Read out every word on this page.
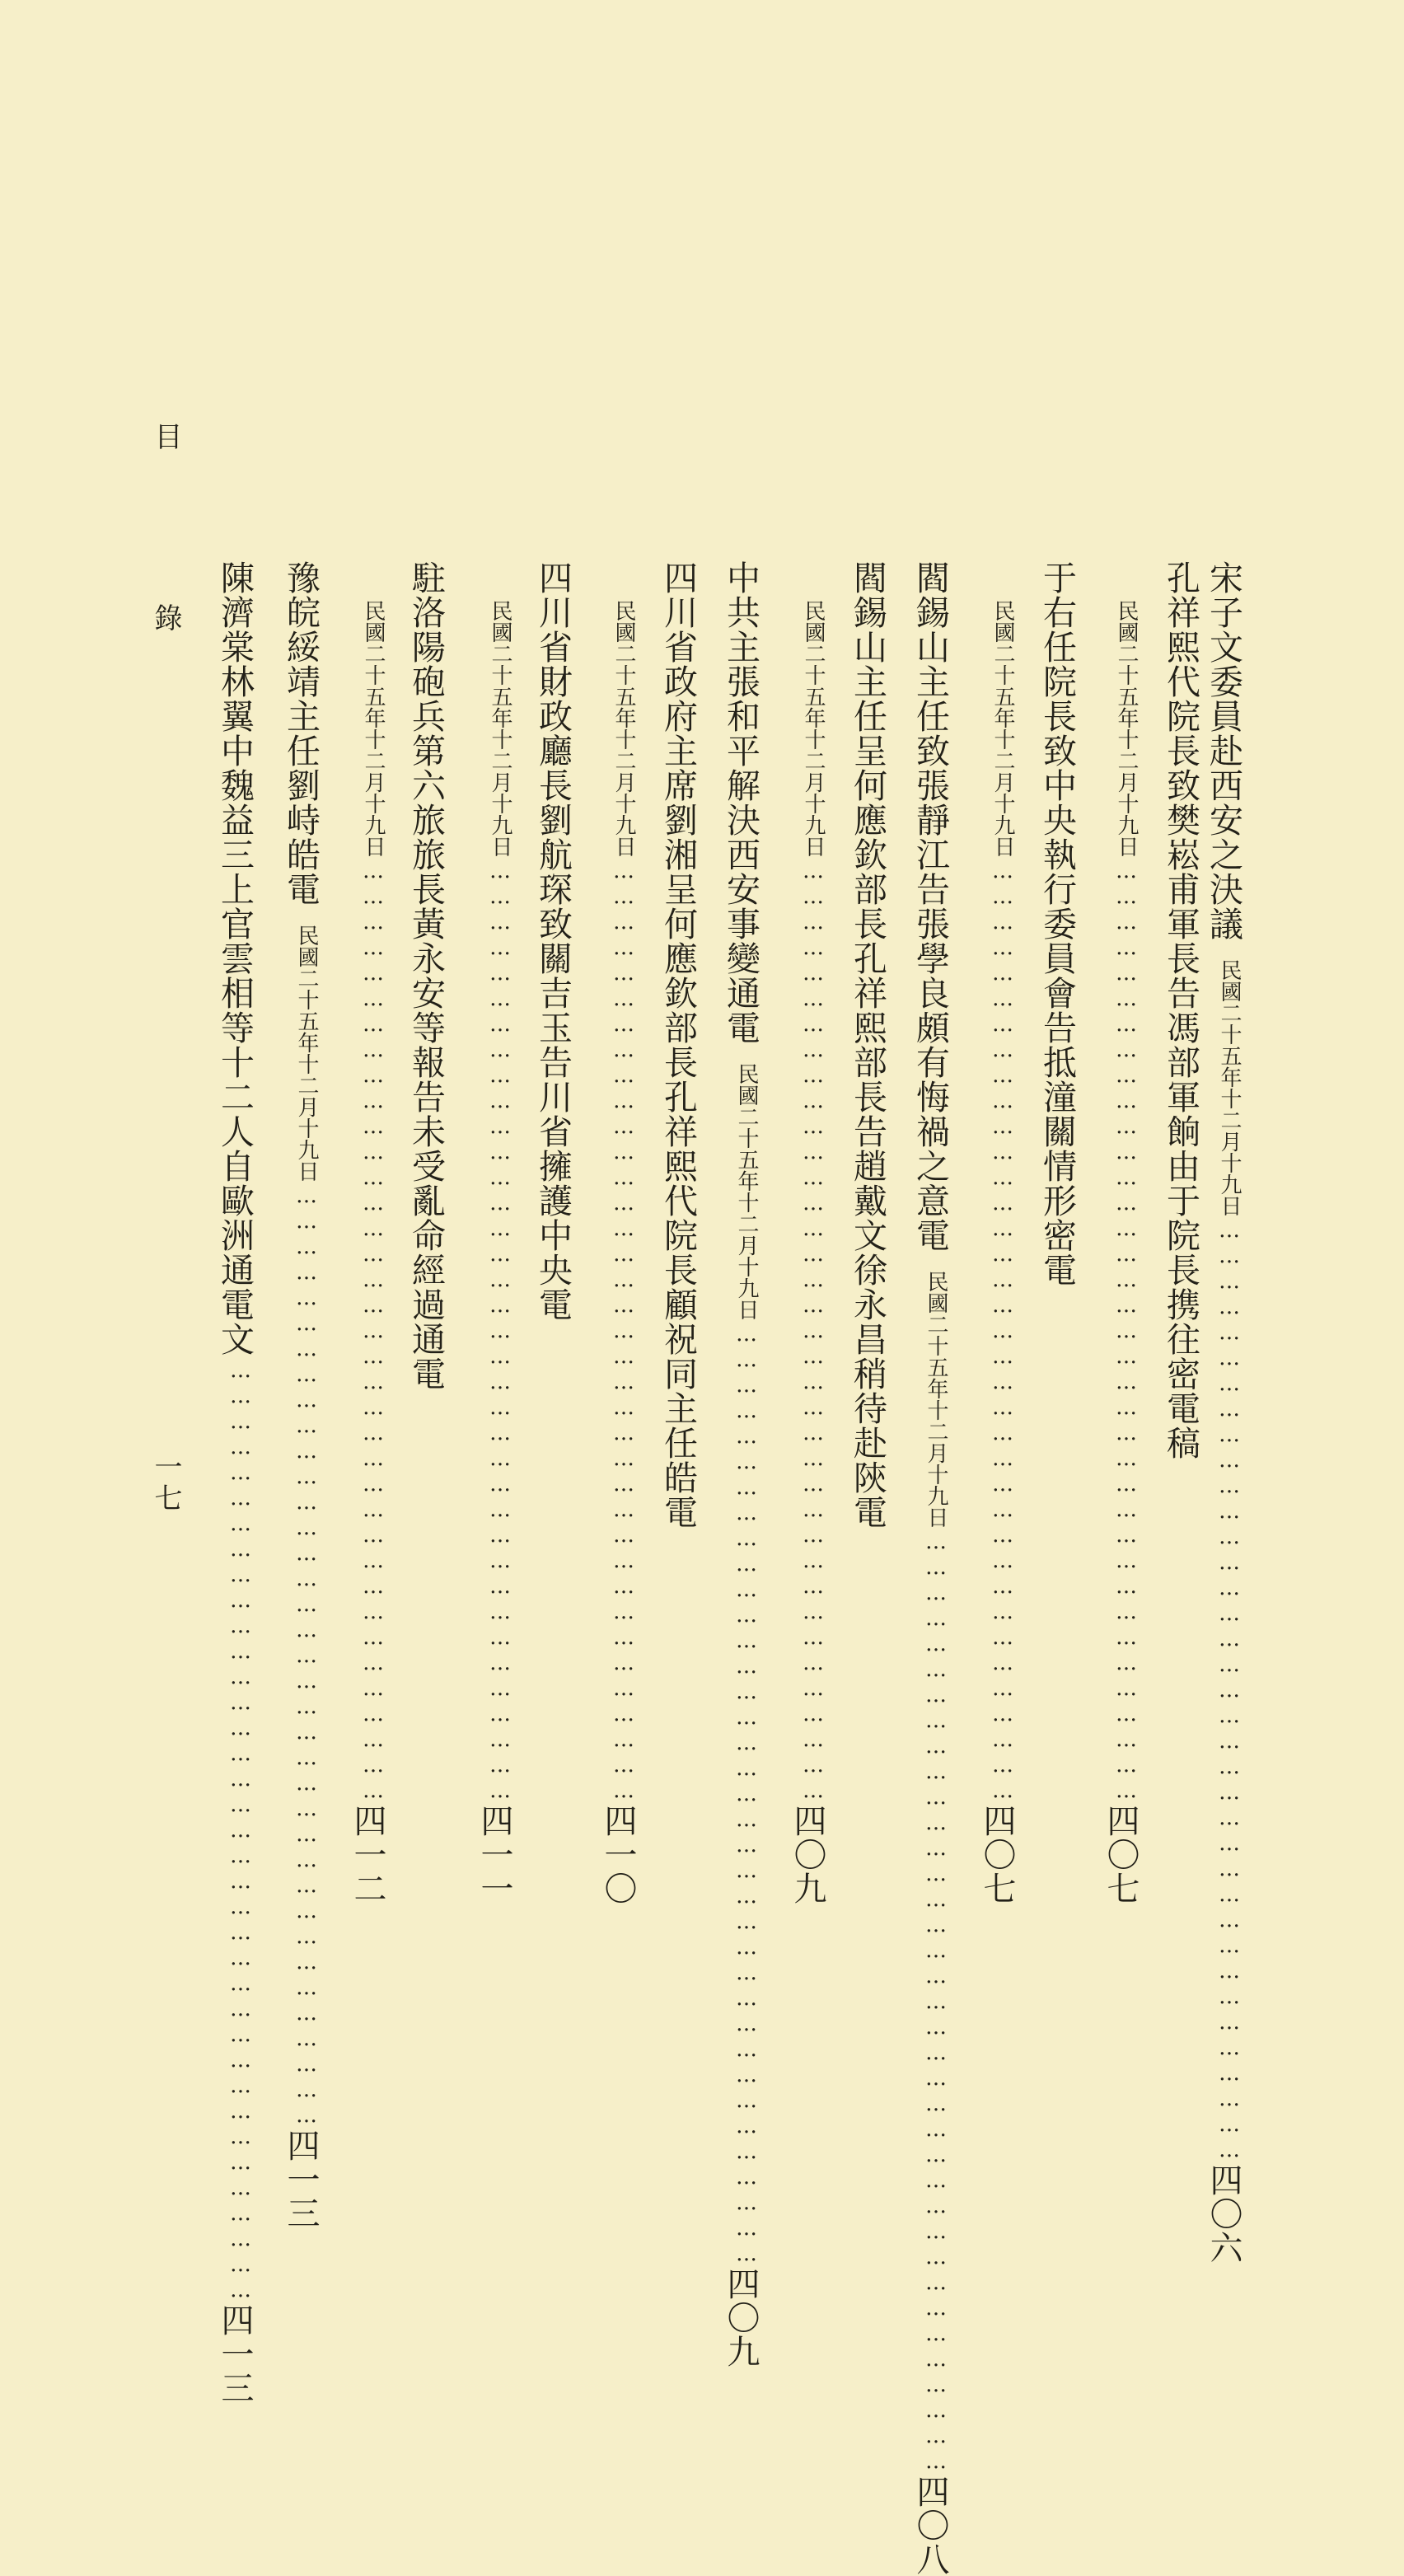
宋子文委員赴西安之決議
民國二十五年十二月十九日
…………………………………………………………………………………………………
四〇六
孔祥熙代院長致樊崧甫軍長告馮部軍餉由于院長携往密電稿
民國二十五年十二月十九日
…………………………………………………………………………………………………
四〇七
于右任院長致中央執行委員會告抵潼關情形密電
民國二十五年十二月十九日
…………………………………………………………………………………………………
四〇七
閻錫山主任致張靜江告張學良頗有悔禍之意電
民國二十五年十二月十九日
…………………………………………………………………………………………………
四〇八
閻錫山主任呈何應欽部長孔祥熙部長告趙戴文徐永昌稍待赴陝電
民國二十五年十二月十九日
…………………………………………………………………………………………………
四〇九
中共主張和平解決西安事變通電
民國二十五年十二月十九日
…………………………………………………………………………………………………
四〇九
四川省政府主席劉湘呈何應欽部長孔祥熙代院長顧祝同主任皓電
民國二十五年十二月十九日
…………………………………………………………………………………………………
四一〇
四川省財政廳長劉航琛致關吉玉告川省擁護中央電
民國二十五年十二月十九日
…………………………………………………………………………………………………
四一一
駐洛陽砲兵第六旅旅長黃永安等報告未受亂命經過通電
民國二十五年十二月十九日
…………………………………………………………………………………………………
四一二
豫皖綏靖主任劉峙皓電
民國二十五年十二月十九日
…………………………………………………………………………………………………
四一三
陳濟棠林翼中魏益三上官雲相等十二人自歐洲通電文
…………………………………………………………………………………………………
四一三
目
錄
一七
